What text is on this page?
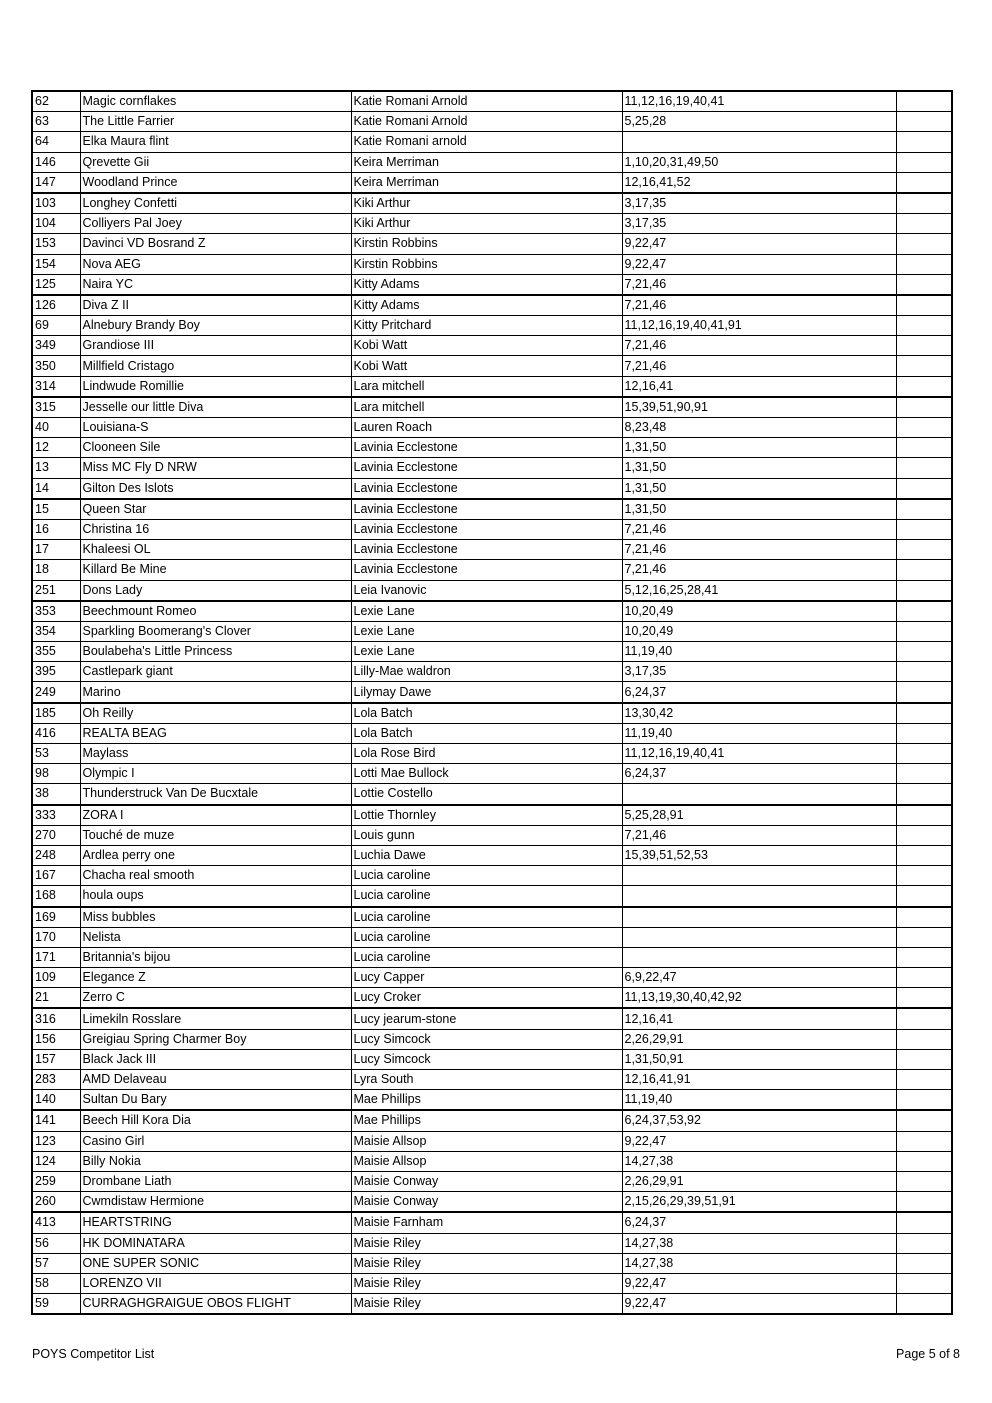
62	Magic cornflakes	Katie Romani Arnold	11,12,16,19,40,41	
63	The Little Farrier	Katie Romani Arnold	5,25,28	
64	Elka Maura flint	Katie Romani arnold		
146	Qrevette Gii	Keira Merriman	1,10,20,31,49,50	
147	Woodland Prince	Keira Merriman	12,16,41,52	
103	Longhey Confetti	Kiki Arthur	3,17,35	
104	Colliyers Pal Joey	Kiki Arthur	3,17,35	
153	Davinci VD Bosrand Z	Kirstin Robbins	9,22,47	
154	Nova AEG	Kirstin Robbins	9,22,47	
125	Naira YC	Kitty Adams	7,21,46	
126	Diva Z II	Kitty Adams	7,21,46	
69	Alnebury Brandy Boy	Kitty Pritchard	11,12,16,19,40,41,91	
349	Grandiose III	Kobi Watt	7,21,46	
350	Millfield Cristago	Kobi Watt	7,21,46	
314	Lindwude Romillie	Lara mitchell	12,16,41	
315	Jesselle our little Diva	Lara mitchell	15,39,51,90,91	
40	Louisiana-S	Lauren Roach	8,23,48	
12	Clooneen Sile	Lavinia Ecclestone	1,31,50	
13	Miss MC Fly D NRW	Lavinia Ecclestone	1,31,50	
14	Gilton Des Islots	Lavinia Ecclestone	1,31,50	
15	Queen Star	Lavinia Ecclestone	1,31,50	
16	Christina 16	Lavinia Ecclestone	7,21,46	
17	Khaleesi OL	Lavinia Ecclestone	7,21,46	
18	Killard Be Mine	Lavinia Ecclestone	7,21,46	
251	Dons Lady	Leia Ivanovic	5,12,16,25,28,41	
353	Beechmount Romeo	Lexie Lane	10,20,49	
354	Sparkling Boomerang's Clover	Lexie Lane	10,20,49	
355	Boulabeha's Little Princess	Lexie Lane	11,19,40	
395	Castlepark giant	Lilly-Mae waldron	3,17,35	
249	Marino	Lilymay Dawe	6,24,37	
185	Oh Reilly	Lola Batch	13,30,42	
416	REALTA BEAG	Lola Batch	11,19,40	
53	Maylass	Lola Rose Bird	11,12,16,19,40,41	
98	Olympic I	Lotti Mae Bullock	6,24,37	
38	Thunderstruck Van De Bucxtale	Lottie Costello		
333	ZORA I	Lottie Thornley	5,25,28,91	
270	Touché de muze	Louis gunn	7,21,46	
248	Ardlea perry one	Luchia Dawe	15,39,51,52,53	
167	Chacha real smooth	Lucia caroline		
168	houla oups	Lucia caroline		
169	Miss bubbles	Lucia caroline		
170	Nelista	Lucia caroline		
171	Britannia's bijou	Lucia caroline		
109	Elegance Z	Lucy Capper	6,9,22,47	
21	Zerro C	Lucy Croker	11,13,19,30,40,42,92	
316	Limekiln Rosslare	Lucy jearum-stone	12,16,41	
156	Greigiau Spring Charmer Boy	Lucy Simcock	2,26,29,91	
157	Black Jack III	Lucy Simcock	1,31,50,91	
283	AMD Delaveau	Lyra South	12,16,41,91	
140	Sultan Du Bary	Mae Phillips	11,19,40	
141	Beech Hill Kora Dia	Mae Phillips	6,24,37,53,92	
123	Casino Girl	Maisie Allsop	9,22,47	
124	Billy Nokia	Maisie Allsop	14,27,38	
259	Drombane Liath	Maisie Conway	2,26,29,91	
260	Cwmdistaw Hermione	Maisie Conway	2,15,26,29,39,51,91	
413	HEARTSTRING	Maisie Farnham	6,24,37	
56	HK DOMINATARA	Maisie Riley	14,27,38	
57	ONE SUPER SONIC	Maisie Riley	14,27,38	
58	LORENZO VII	Maisie Riley	9,22,47	
59	CURRAGHGRAIGUE OBOS FLIGHT	Maisie Riley	9,22,47	
POYS Competitor List	Page 5 of 8
